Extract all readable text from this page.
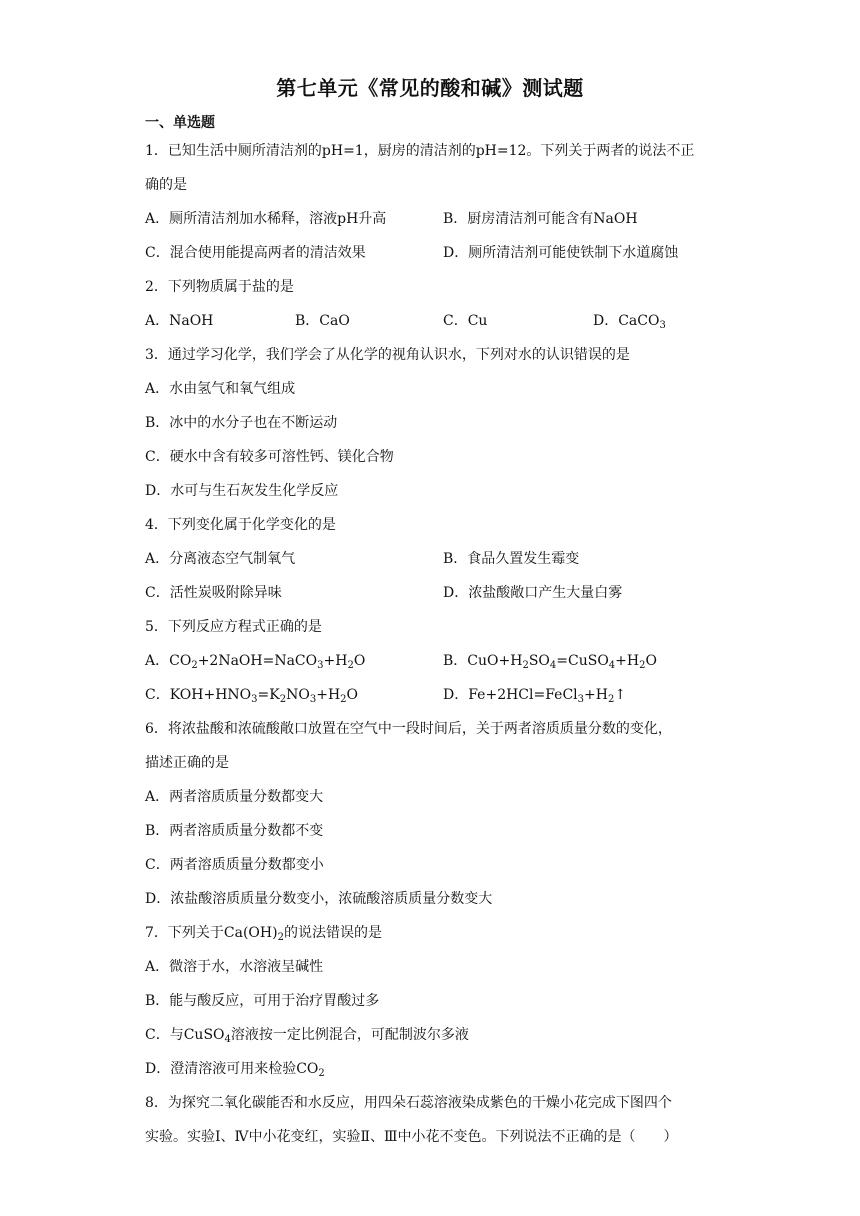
第七单元《常见的酸和碱》测试题
一、单选题
1．已知生活中厕所清洁剂的pH=1，厨房的清洁剂的pH=12。下列关于两者的说法不正
确的是
A．厕所清洁剂加水稀释，溶液pH升高	B．厨房清洁剂可能含有NaOH
C．混合使用能提高两者的清洁效果	D．厕所清洁剂可能使铁制下水道腐蚀
2．下列物质属于盐的是
A．NaOH	B．CaO	C．Cu	D．CaCO$_3$
3．通过学习化学，我们学会了从化学的视角认识水，下列对水的认识错误的是
A．水由氢气和氧气组成
B．冰中的水分子也在不断运动
C．硬水中含有较多可溶性钙、镁化合物
D．水可与生石灰发生化学反应
4．下列变化属于化学变化的是
A．分离液态空气制氧气	B．食品久置发生霉变
C．活性炭吸附除异味	D．浓盐酸敞口产生大量白雾
5．下列反应方程式正确的是
A．$CO_2+2NaOH=NaCO_3+H_2O$	B．$CuO+H_2SO_4=CuSO_4+H_2O$
C．$KOH+HNO_3=K_2NO_3+H_2O$	D．$Fe+2HCl=FeCl_3+H_2↑$
6．将浓盐酸和浓硫酸敞口放置在空气中一段时间后，关于两者溶质质量分数的变化，
描述正确的是
A．两者溶质质量分数都变大
B．两者溶质质量分数都不变
C．两者溶质质量分数都变小
D．浓盐酸溶质质量分数变小，浓硫酸溶质质量分数变大
7．下列关于$Ca(OH)_2$的说法错误的是
A．微溶于水，水溶液呈碱性
B．能与酸反应，可用于治疗胃酸过多
C．与CuSO$_4$溶液按一定比例混合，可配制波尔多液
D．澄清溶液可用来检验$CO_2$
8．为探究二氧化碳能否和水反应，用四朵石蕊溶液染成紫色的干燥小花完成下图四个
实验。实验Ⅰ、Ⅳ中小花变红，实验Ⅱ、Ⅲ中小花不变色。下列说法不正确的是（　　）
